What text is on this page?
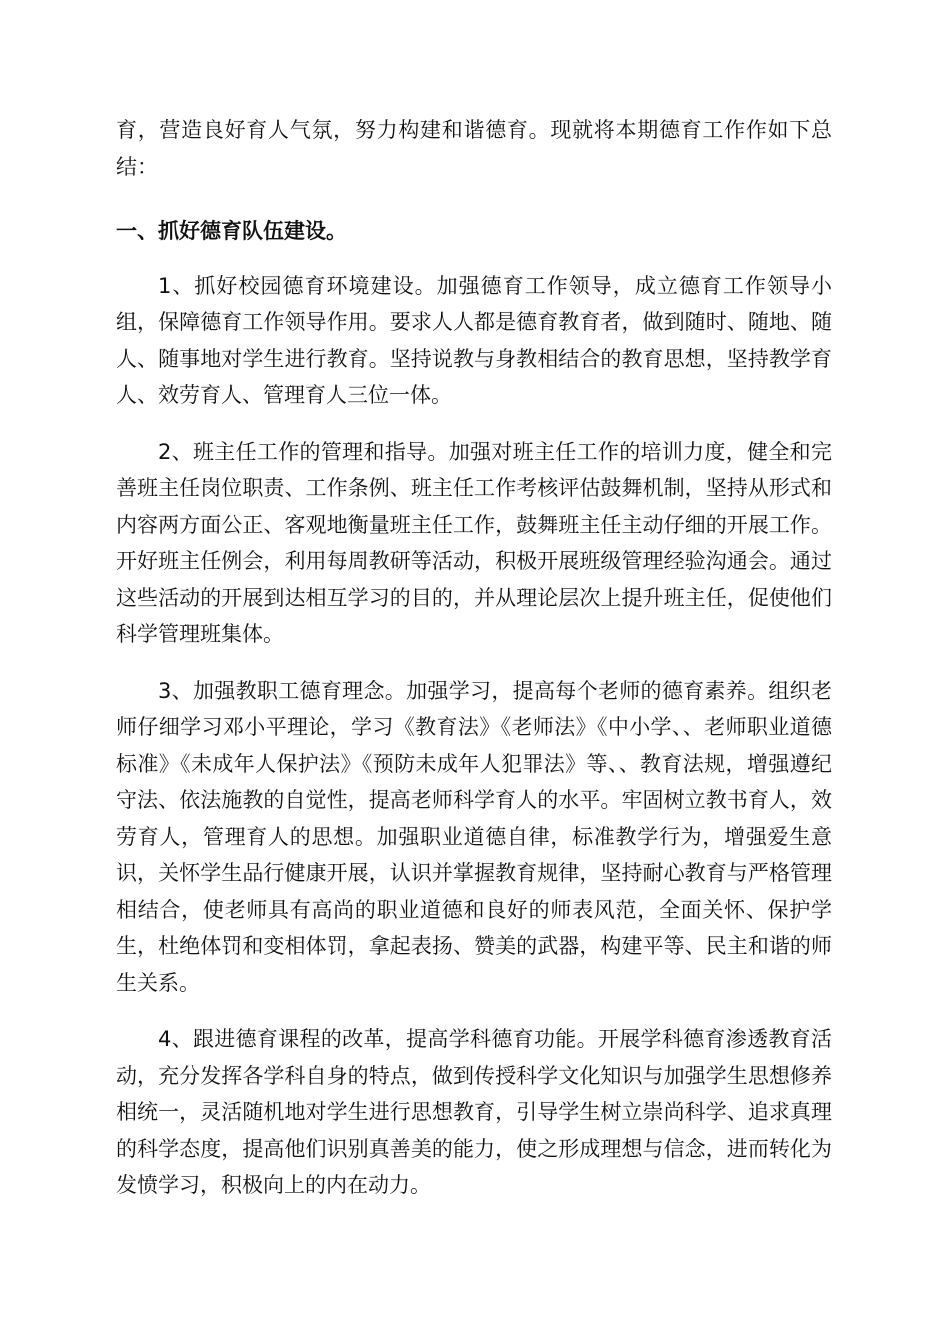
育，营造良好育人气氛，努力构建和谐德育。现就将本期德育工作作如下总结：

一、抓好德育队伍建设。

1、抓好校园德育环境建设。加强德育工作领导，成立德育工作领导小组，保障德育工作领导作用。要求人人都是德育教育者，做到随时、随地、随人、随事地对学生进行教育。坚持说教与身教相结合的教育思想，坚持教学育人、效劳育人、管理育人三位一体。

2、班主任工作的管理和指导。加强对班主任工作的培训力度，健全和完善班主任岗位职责、工作条例、班主任工作考核评估鼓舞机制，坚持从形式和内容两方面公正、客观地衡量班主任工作，鼓舞班主任主动仔细的开展工作。开好班主任例会，利用每周教研等活动，积极开展班级管理经验沟通会。通过这些活动的开展到达相互学习的目的，并从理论层次上提升班主任，促使他们科学管理班集体。

3、加强教职工德育理念。加强学习，提高每个老师的德育素养。组织老师仔细学习邓小平理论，学习《教育法》《老师法》《中小学、、老师职业道德标准》《未成年人保护法》《预防未成年人犯罪法》等、、教育法规，增强遵纪守法、依法施教的自觉性，提高老师科学育人的水平。牢固树立教书育人，效劳育人，管理育人的思想。加强职业道德自律，标准教学行为，增强爱生意识，关怀学生品行健康开展，认识并掌握教育规律，坚持耐心教育与严格管理相结合，使老师具有高尚的职业道德和良好的师表风范，全面关怀、保护学生，杜绝体罚和变相体罚，拿起表扬、赞美的武器，构建平等、民主和谐的师生关系。

4、跟进德育课程的改革，提高学科德育功能。开展学科德育渗透教育活动，充分发挥各学科自身的特点，做到传授科学文化知识与加强学生思想修养相统一，灵活随机地对学生进行思想教育，引导学生树立崇尚科学、追求真理的科学态度，提高他们识别真善美的能力，使之形成理想与信念，进而转化为发愤学习，积极向上的内在动力。
